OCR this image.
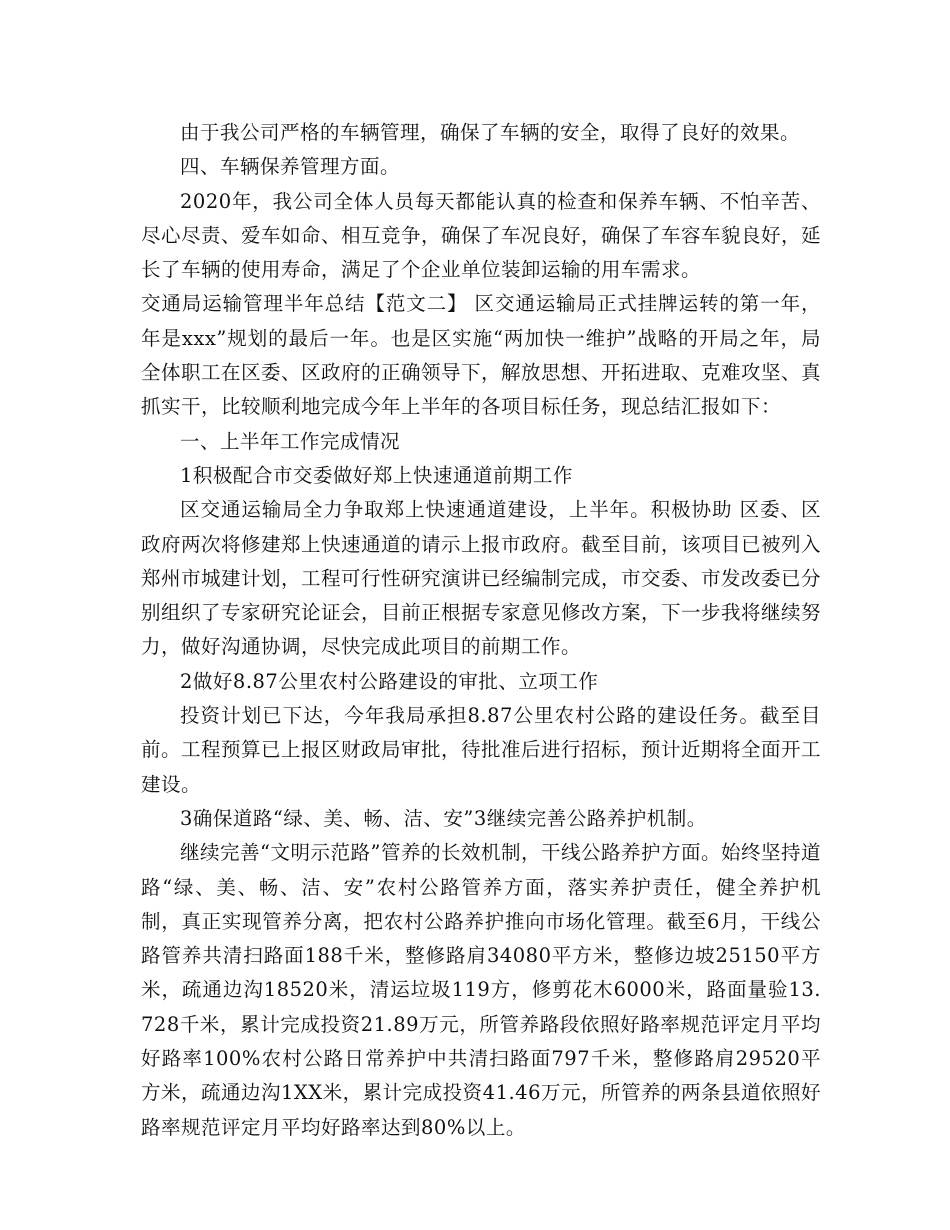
由于我公司严格的车辆管理，确保了车辆的安全，取得了良好的效果。

四、车辆保养管理方面。

2020年，我公司全体人员每天都能认真的检查和保养车辆、不怕辛苦、尽心尽责、爱车如命、相互竞争，确保了车况良好，确保了车容车貌良好，延长了车辆的使用寿命，满足了个企业单位装卸运输的用车需求。

交通局运输管理半年总结【范文二】 区交通运输局正式挂牌运转的第一年，年是xxx”规划的最后一年。也是区实施“两加快一维护”战略的开局之年，局全体职工在区委、区政府的正确领导下，解放思想、开拓进取、克难攻坚、真抓实干，比较顺利地完成今年上半年的各项目标任务，现总结汇报如下：

一、上半年工作完成情况

1积极配合市交委做好郑上快速通道前期工作

区交通运输局全力争取郑上快速通道建设，上半年。积极协助 区委、区政府两次将修建郑上快速通道的请示上报市政府。截至目前，该项目已被列入郑州市城建计划，工程可行性研究演讲已经编制完成，市交委、市发改委已分别组织了专家研究论证会，目前正根据专家意见修改方案，下一步我将继续努力，做好沟通协调，尽快完成此项目的前期工作。

2做好8.87公里农村公路建设的审批、立项工作

投资计划已下达，今年我局承担8.87公里农村公路的建设任务。截至目前。工程预算已上报区财政局审批，待批准后进行招标，预计近期将全面开工建设。

3确保道路“绿、美、畅、洁、安”3继续完善公路养护机制。

继续完善“文明示范路”管养的长效机制，干线公路养护方面。始终坚持道路“绿、美、畅、洁、安”农村公路管养方面，落实养护责任，健全养护机制，真正实现管养分离，把农村公路养护推向市场化管理。截至6月，干线公路管养共清扫路面188千米，整修路肩34080平方米，整修边坡25150平方米，疏通边沟18520米，清运垃圾119方，修剪花木6000米，路面量验13.728千米，累计完成投资21.89万元，所管养路段依照好路率规范评定月平均好路率100%农村公路日常养护中共清扫路面797千米，整修路肩29520平方米，疏通边沟1XX米，累计完成投资41.46万元，所管养的两条县道依照好路率规范评定月平均好路率达到80%以上。
